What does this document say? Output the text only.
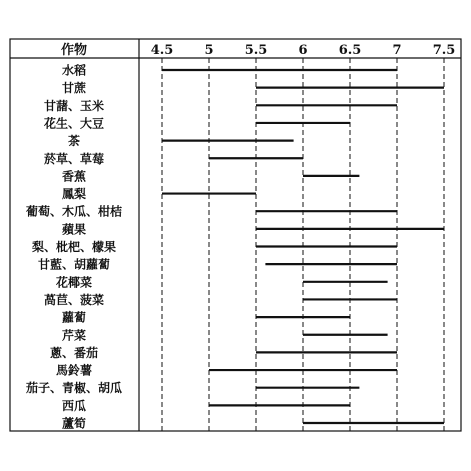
作物	4.5 5 5.5 6 6.5 7 7.5
水稻
甘蔗
甘藷、玉米
花生、大豆
茶
菸草、草莓
香蕉
鳳梨
葡萄、木瓜、柑桔
蘋果
梨、枇杷、檬果
甘藍、胡蘿蔔
花椰菜
萵苣、菠菜
蘿蔔
芹菜
蔥、番茄
馬鈴薯
茄子、青椒、胡瓜
西瓜
蘆筍
